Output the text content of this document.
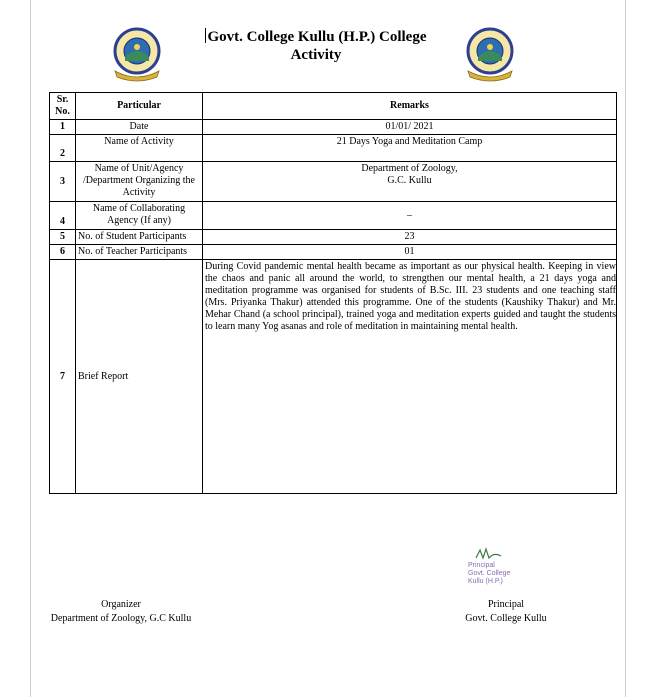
Govt. College Kullu (H.P.) College
Activity
Sr. No.	Particular	Remarks
1	Date	01/01/ 2021
2	Name of Activity	21 Days Yoga and Meditation Camp
3	Name of Unit/Agency /Department Organizing the Activity	Department of Zoology,
G.C. Kullu

4	Name of Collaborating Agency (If any)	–
5	No. of Student Participants	23
6	No. of Teacher Participants	01
7	Brief Report	During Covid pandemic mental health became as important as our physical health. Keeping in view the chaos and panic all around the world, to strengthen our mental health, a 21 days yoga and meditation programme was organised for students of B.Sc. III. 23 students and one teaching staff (Mrs. Priyanka Thakur) attended this programme. One of the students (Kaushiky Thakur) and Mr. Mehar Chand (a school principal), trained yoga and meditation experts guided and taught the students to learn many Yog asanas and role of meditation in maintaining mental health.
Principal
Govt. College
Kullu (H.P.)
Organizer
Department of Zoology, G.C Kullu
Principal
Govt. College Kullu
